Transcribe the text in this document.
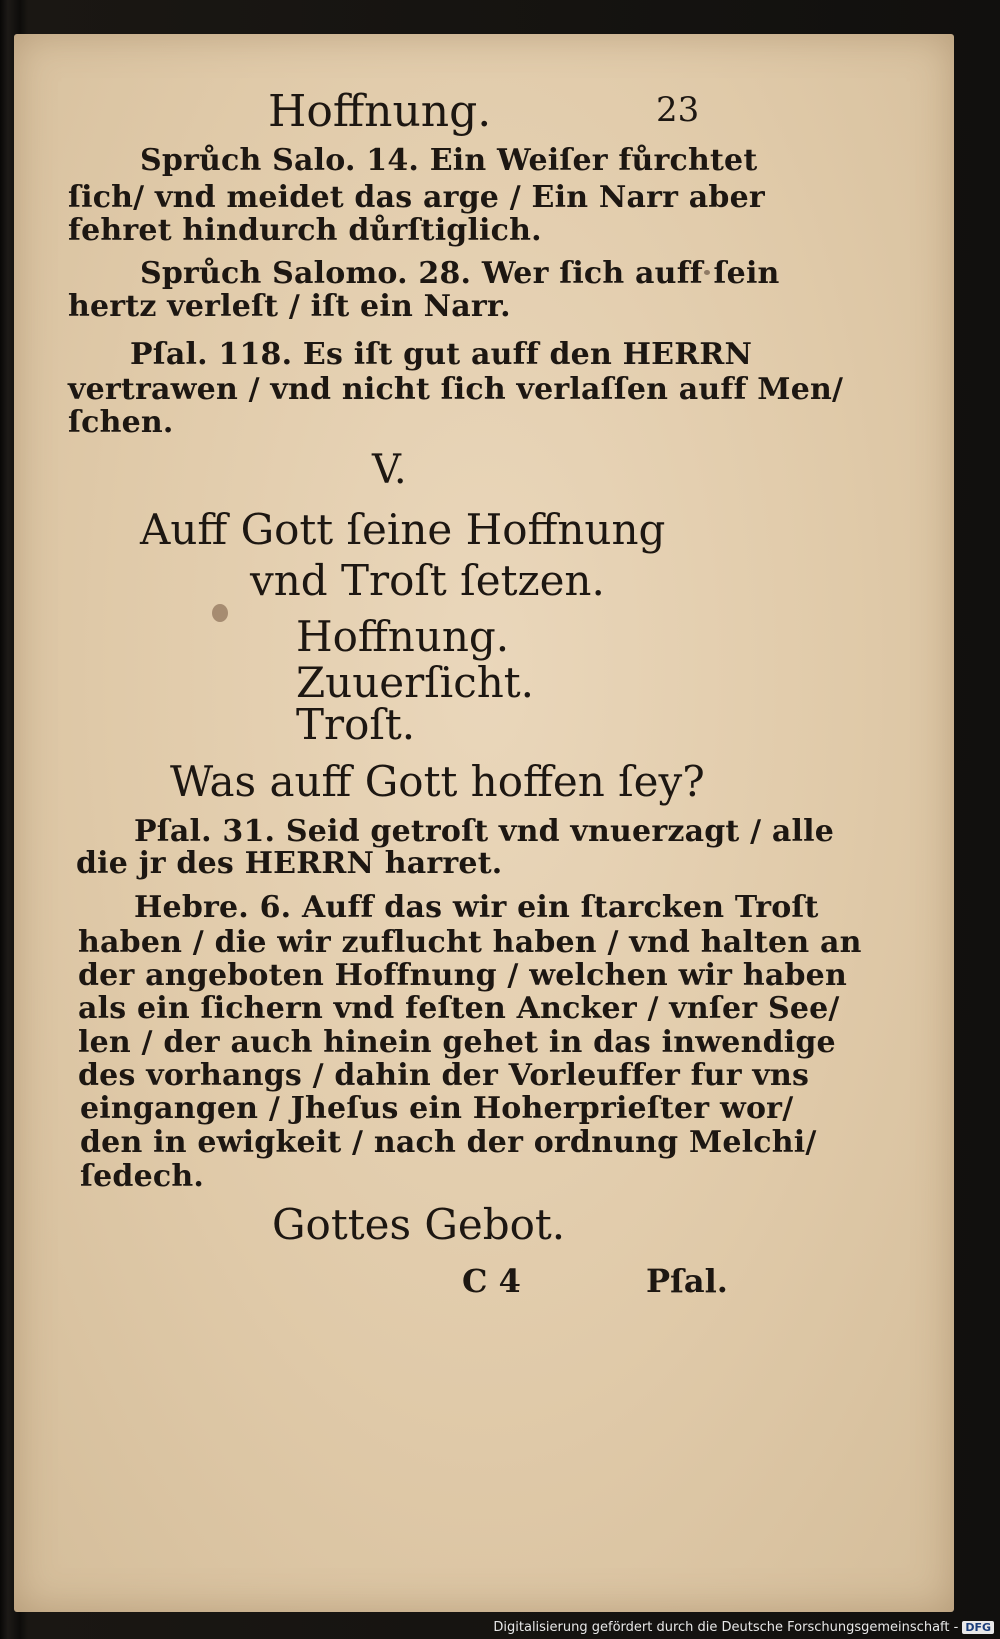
Hoffnung.	23
Sprůch Salo. 14. Ein Weiſer fůrchtet
ſich/ vnd meidet das arge / Ein Narr aber
fehret hindurch důrſtiglich.
Sprůch Salomo. 28. Wer ſich auff ſein
hertz verleſt / iſt ein Narr.
Pſal. 118. Es iſt gut auff den HERRN
vertrawen / vnd nicht ſich verlaſſen auff Men/
ſchen.
V.
Auff Gott ſeine Hoffnung
vnd Troſt ſetzen.
Hoffnung.
Zuuerſicht.
Troſt.
Was auff Gott hoffen ſey?
Pſal. 31. Seid getroſt vnd vnuerzagt / alle
die jr des HERRN harret.
Hebre. 6. Auff das wir ein ſtarcken Troſt
haben / die wir zuflucht haben / vnd halten an
der angeboten Hoffnung / welchen wir haben
als ein ſichern vnd feſten Ancker / vnſer See/
len / der auch hinein gehet in das inwendige
des vorhangs / dahin der Vorleuffer fur vns
eingangen / Jheſus ein Hoherprieſter wor/
den in ewigkeit / nach der ordnung Melchi/
ſedech.
Gottes Gebot.
C 4	Pſal.
Digitalisierung gefördert durch die Deutsche Forschungsgemeinschaft - DFG
